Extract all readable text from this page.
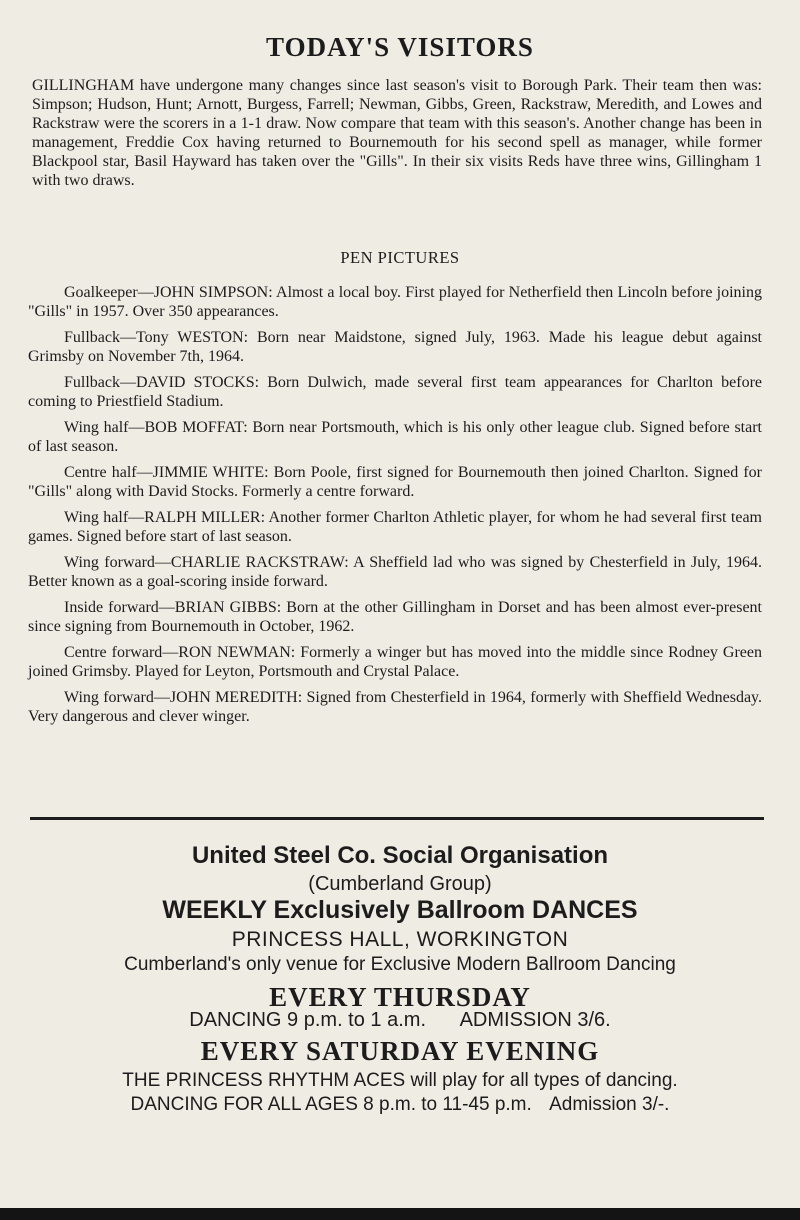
TODAY'S VISITORS
GILLINGHAM have undergone many changes since last season's visit to Borough Park. Their team then was: Simpson; Hudson, Hunt; Arnott, Burgess, Farrell; Newman, Gibbs, Green, Rackstraw, Meredith, and Lowes and Rackstraw were the scorers in a 1-1 draw. Now compare that team with this season's. Another change has been in management, Freddie Cox having returned to Bournemouth for his second spell as manager, while former Blackpool star, Basil Hayward has taken over the "Gills". In their six visits Reds have three wins, Gillingham 1 with two draws.
PEN PICTURES

Goalkeeper—JOHN SIMPSON: Almost a local boy. First played for Netherfield then Lincoln before joining "Gills" in 1957. Over 350 appearances.

Fullback—Tony WESTON: Born near Maidstone, signed July, 1963. Made his league debut against Grimsby on November 7th, 1964.

Fullback—DAVID STOCKS: Born Dulwich, made several first team appearances for Charlton before coming to Priestfield Stadium.

Wing half—BOB MOFFAT: Born near Portsmouth, which is his only other league club. Signed before start of last season.

Centre half—JIMMIE WHITE: Born Poole, first signed for Bournemouth then joined Charlton. Signed for "Gills" along with David Stocks. Formerly a centre forward.

Wing half—RALPH MILLER: Another former Charlton Athletic player, for whom he had several first team games. Signed before start of last season.

Wing forward—CHARLIE RACKSTRAW: A Sheffield lad who was signed by Chesterfield in July, 1964. Better known as a goal-scoring inside forward.

Inside forward—BRIAN GIBBS: Born at the other Gillingham in Dorset and has been almost ever-present since signing from Bournemouth in October, 1962.

Centre forward—RON NEWMAN: Formerly a winger but has moved into the middle since Rodney Green joined Grimsby. Played for Leyton, Portsmouth and Crystal Palace.

Wing forward—JOHN MEREDITH: Signed from Chesterfield in 1964, formerly with Sheffield Wednesday. Very dangerous and clever winger.

United Steel Co. Social Organisation
(Cumberland Group)
WEEKLY Exclusively Ballroom DANCES
PRINCESS HALL, WORKINGTON
Cumberland's only venue for Exclusive Modern Ballroom Dancing
EVERY THURSDAY
DANCING 9 p.m. to 1 a.m. ADMISSION 3/6.
EVERY SATURDAY EVENING
THE PRINCESS RHYTHM ACES will play for all types of dancing.
DANCING FOR ALL AGES 8 p.m. to 11-45 p.m. Admission 3/-.
